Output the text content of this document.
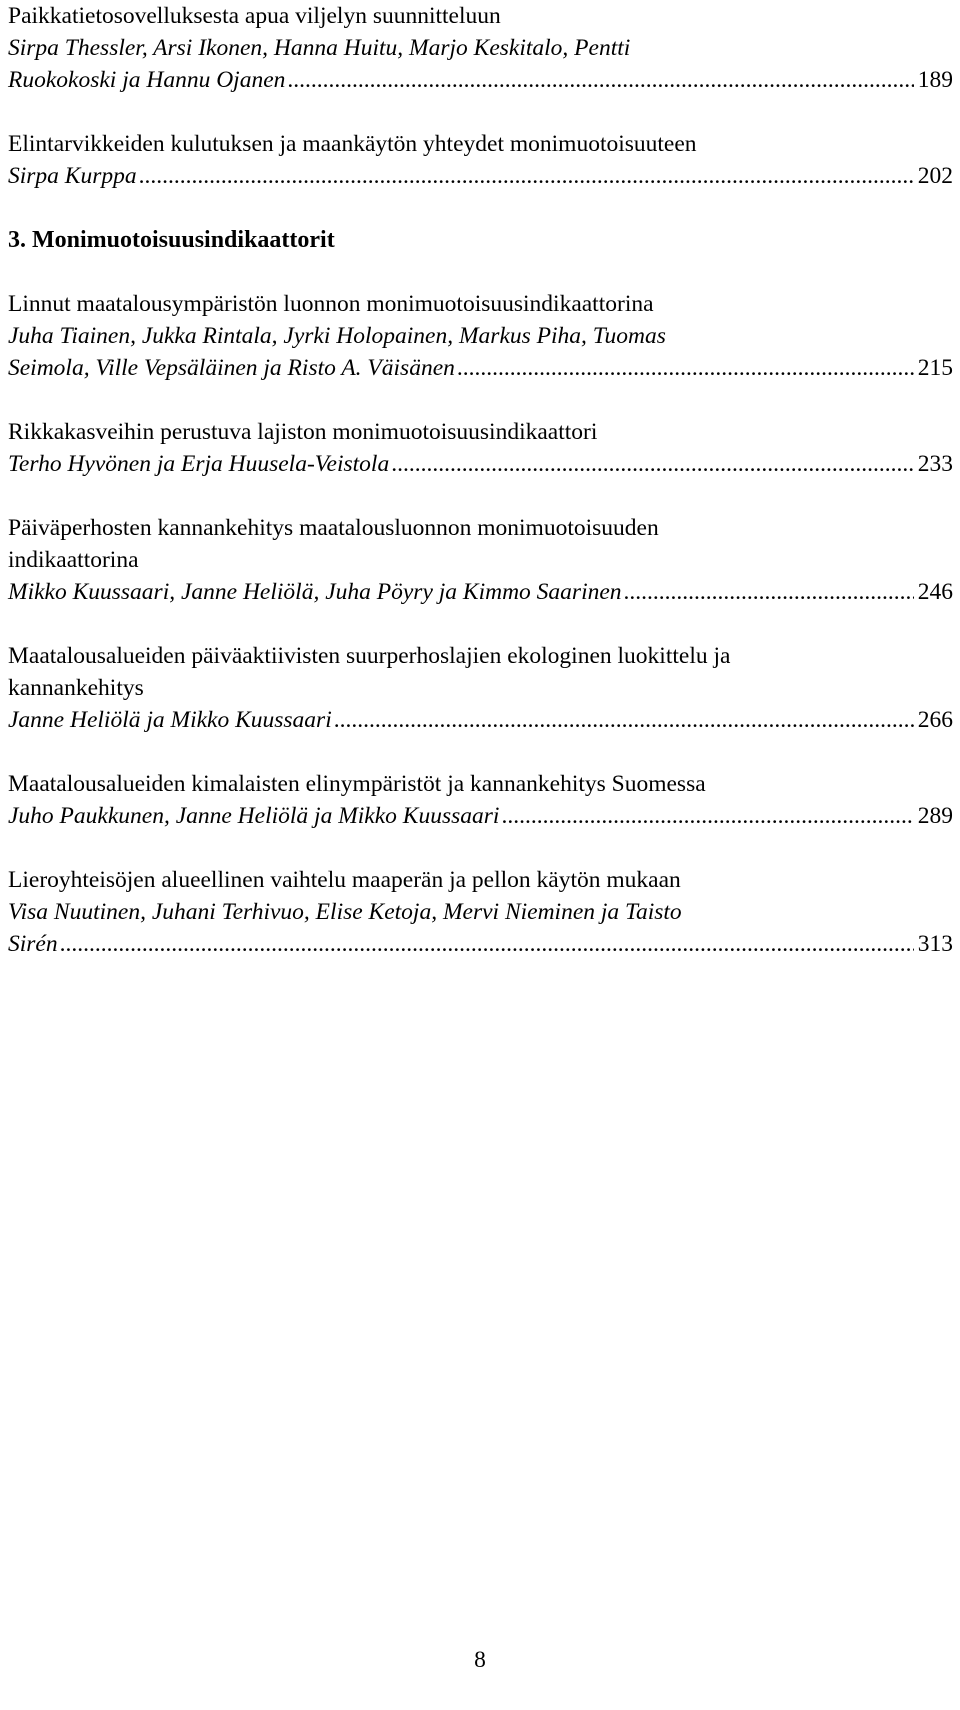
Paikkatietosovelluksesta apua viljelyn suunnitteluun
Sirpa Thessler, Arsi Ikonen, Hanna Huitu, Marjo Keskitalo, Pentti
Ruokokoski ja Hannu Ojanen .....	189
Elintarvikkeiden kulutuksen ja maankäytön yhteydet monimuotoisuuteen
Sirpa Kurppa .....	202
3. Monimuotoisuusindikaattorit
Linnut maatalousympäristön luonnon monimuotoisuusindikaattorina
Juha Tiainen, Jukka Rintala, Jyrki Holopainen, Markus Piha, Tuomas
Seimola, Ville Vepsäläinen ja Risto A. Väisänen .....	215
Rikkakasveihin perustuva lajiston monimuotoisuusindikaattori
Terho Hyvönen ja Erja Huusela-Veistola .....	233
Päiväperhosten kannankehitys maatalousluonnon monimuotoisuuden
indikaattorina
Mikko Kuussaari, Janne Heliölä, Juha Pöyry ja Kimmo Saarinen .....	246
Maatalousalueiden päiväaktiivisten suurperhoslajien ekologinen luokittelu ja
kannankehitys
Janne Heliölä ja Mikko Kuussaari .....	266
Maatalousalueiden kimalaisten elinympäristöt ja kannankehitys Suomessa
Juho Paukkunen, Janne Heliölä ja Mikko Kuussaari .....	289
Lieroyhteisöjen alueellinen vaihtelu maaperän ja pellon käytön mukaan
Visa Nuutinen, Juhani Terhivuo, Elise Ketoja, Mervi Nieminen ja Taisto
Sirén .....	313
8
